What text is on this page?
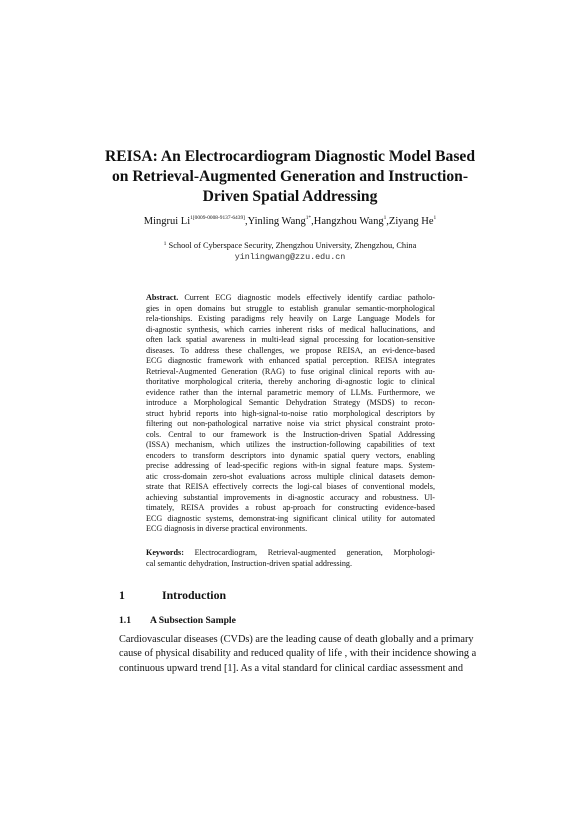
REISA: An Electrocardiogram Diagnostic Model Based
on Retrieval-Augmented Generation and Instruction-
Driven Spatial Addressing
Mingrui $Li^{1[0009-0008-9137-6439]},Yinling$ Wang$^{1*}$,Hangzhou Wang$^1$,Ziyang He$^1$
$^1$ School of Cyberspace Security, Zhengzhou University, Zhengzhou, China
yinlingwang@zzu.edu.cn
Abstract. Current ECG diagnostic models effectively identify cardiac patholo-
gies in open domains but struggle to establish granular semantic-morphological
rela-tionships. Existing paradigms rely heavily on Large Language Models for
di-agnostic synthesis, which carries inherent risks of medical hallucinations, and
often lack spatial awareness in multi-lead signal processing for location-sensitive
diseases. To address these challenges, we propose REISA, an evi-dence-based
ECG diagnostic framework with enhanced spatial perception. REISA integrates
Retrieval-Augmented Generation (RAG) to fuse original clinical reports with au-
thoritative morphological criteria, thereby anchoring di-agnostic logic to clinical
evidence rather than the internal parametric memory of LLMs. Furthermore, we
introduce a Morphological Semantic Dehydration Strategy (MSDS) to recon-
struct hybrid reports into high-signal-to-noise ratio morphological descriptors by
filtering out non-pathological narrative noise via strict physical constraint proto-
cols. Central to our framework is the Instruction-driven Spatial Addressing
(ISSA) mechanism, which utilizes the instruction-following capabilities of text
encoders to transform descriptors into dynamic spatial query vectors, enabling
precise addressing of lead-specific regions with-in signal feature maps. System-
atic cross-domain zero-shot evaluations across multiple clinical datasets demon-
strate that REISA effectively corrects the logi-cal biases of conventional models,
achieving substantial improvements in di-agnostic accuracy and robustness. Ul-
timately, REISA provides a robust ap-proach for constructing evidence-based
ECG diagnostic systems, demonstrat-ing significant clinical utility for automated
ECG diagnosis in diverse practical environments.
Keywords: Electrocardiogram, Retrieval-augmented generation, Morphologi-
cal semantic dehydration, Instruction-driven spatial addressing.
1	Introduction
1.1 A Subsection Sample
Cardiovascular diseases (CVDs) are the leading cause of death globally and a primary
cause of physical disability and reduced quality of life , with their incidence showing a
continuous upward trend [1]. As a vital standard for clinical cardiac assessment and
